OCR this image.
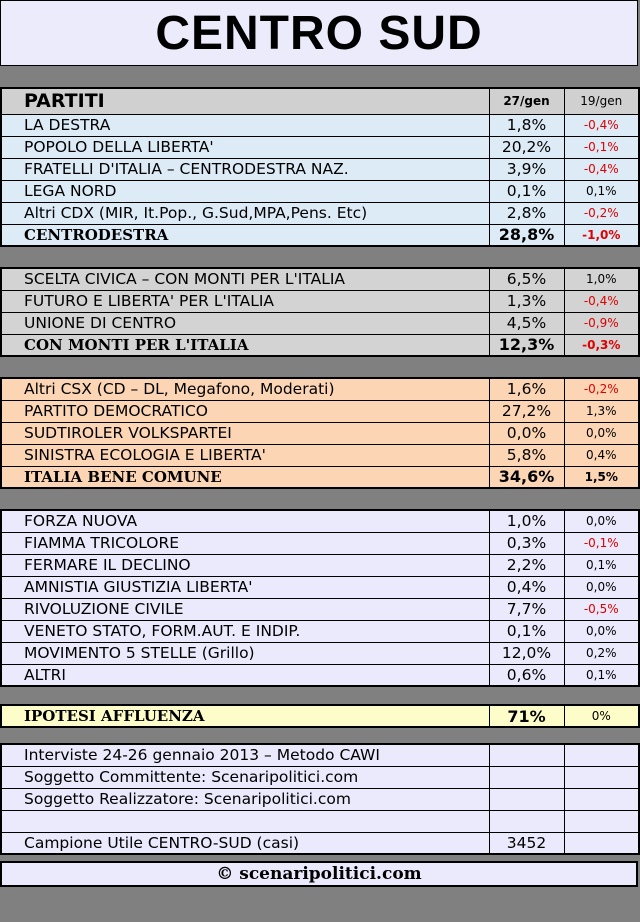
CENTRO SUD
PARTITI	27/gen	19/gen
LA DESTRA	1,8%	-0,4%
POPOLO DELLA LIBERTA'	20,2%	-0,1%
FRATELLI D'ITALIA – CENTRODESTRA NAZ.	3,9%	-0,4%
LEGA NORD	0,1%	0,1%
Altri CDX (MIR, It.Pop., G.Sud,MPA,Pens. Etc)	2,8%	-0,2%
CENTRODESTRA	28,8%	-1,0%
SCELTA CIVICA – CON MONTI PER L'ITALIA	6,5%	1,0%
FUTURO E LIBERTA' PER L'ITALIA	1,3%	-0,4%
UNIONE DI CENTRO	4,5%	-0,9%
CON MONTI PER L'ITALIA	12,3%	-0,3%
Altri CSX (CD – DL, Megafono, Moderati)	1,6%	-0,2%
PARTITO DEMOCRATICO	27,2%	1,3%
SUDTIROLER VOLKSPARTEI	0,0%	0,0%
SINISTRA ECOLOGIA E LIBERTA'	5,8%	0,4%
ITALIA BENE COMUNE	34,6%	1,5%
FORZA NUOVA	1,0%	0,0%
FIAMMA TRICOLORE	0,3%	-0,1%
FERMARE IL DECLINO	2,2%	0,1%
AMNISTIA GIUSTIZIA LIBERTA'	0,4%	0,0%
RIVOLUZIONE CIVILE	7,7%	-0,5%
VENETO STATO, FORM.AUT. E INDIP.	0,1%	0,0%
MOVIMENTO 5 STELLE (Grillo)	12,0%	0,2%
ALTRI	0,6%	0,1%
IPOTESI AFFLUENZA	71%	0%
Interviste 24-26 gennaio 2013 – Metodo CAWI		
Soggetto Committente: Scenaripolitici.com		
Soggetto Realizzatore: Scenaripolitici.com		

Campione Utile CENTRO-SUD (casi)	3452	
© scenaripolitici.com
